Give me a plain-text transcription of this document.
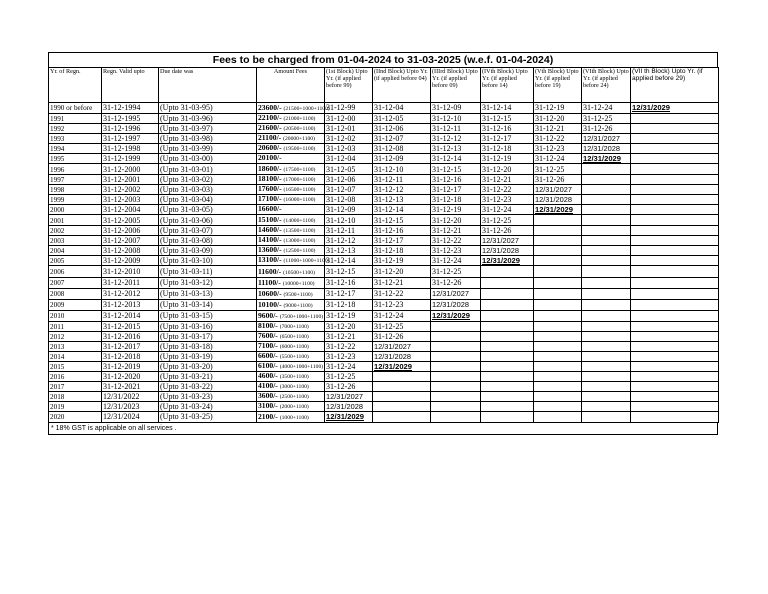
Fees to be charged from 01-04-2024 to 31-03-2025 (w.e.f. 01-04-2024)
Yr. of Regn.	Regn. Valid upto	Due date was	Amount Fees	(1st Block) Upto Yr. (if applied before 99)	(IInd Block) Upto Yr. (if applied before 04)	(IIIrd Block) Upto Yr. (if applied before 09)	(IVth Block) Upto Yr. (if applied before 14)	(Vth Block) Upto Yr. (if applied before 19)	(VIth Block) Upto Yr. (if applied before 24)	(VII th Block) Upto Yr. (if applied before 29)
1990 or before	31-12-1994	(Upto 31-03-95)	23600/- (21500+1000+1100)	31-12-99	31-12-04	31-12-09	31-12-14	31-12-19	31-12-24	12/31/2029
1991	31-12-1995	(Upto 31-03-96)	22100/- (21000+1100)	31-12-00	31-12-05	31-12-10	31-12-15	31-12-20	31-12-25	
1992	31-12-1996	(Upto 31-03-97)	21600/- (20500+1100)	31-12-01	31-12-06	31-12-11	31-12-16	31-12-21	31-12-26	
1993	31-12-1997	(Upto 31-03-98)	21100/- (20000+1100)	31-12-02	31-12-07	31-12-12	31-12-17	31-12-22	12/31/2027	
1994	31-12-1998	(Upto 31-03-99)	20600/- (19500+1100)	31-12-03	31-12-08	31-12-13	31-12-18	31-12-23	12/31/2028	
1995	31-12-1999	(Upto 31-03-00)	20100/-	31-12-04	31-12-09	31-12-14	31-12-19	31-12-24	12/31/2029	
1996	31-12-2000	(Upto 31-03-01)	18600/- (17500+1100)	31-12-05	31-12-10	31-12-15	31-12-20	31-12-25		
1997	31-12-2001	(Upto 31-03-02)	18100/- (17000+1100)	31-12-06	31-12-11	31-12-16	31-12-21	31-12-26		
1998	31-12-2002	(Upto 31-03-03)	17600/- (16500+1100)	31-12-07	31-12-12	31-12-17	31-12-22	12/31/2027		
1999	31-12-2003	(Upto 31-03-04)	17100/- (16000+1100)	31-12-08	31-12-13	31-12-18	31-12-23	12/31/2028		
2000	31-12-2004	(Upto 31-03-05)	16600/-	31-12-09	31-12-14	31-12-19	31-12-24	12/31/2029		
2001	31-12-2005	(Upto 31-03-06)	15100/- (14000+1100)	31-12-10	31-12-15	31-12-20	31-12-25			
2002	31-12-2006	(Upto 31-03-07)	14600/- (13500+1100)	31-12-11	31-12-16	31-12-21	31-12-26			
2003	31-12-2007	(Upto 31-03-08)	14100/- (13000+1100)	31-12-12	31-12-17	31-12-22	12/31/2027			
2004	31-12-2008	(Upto 31-03-09)	13600/- (12500+1100)	31-12-13	31-12-18	31-12-23	12/31/2028			
2005	31-12-2009	(Upto 31-03-10)	13100/- (11000+1000+1100)	31-12-14	31-12-19	31-12-24	12/31/2029			
2006	31-12-2010	(Upto 31-03-11)	11600/- (10500+1100)	31-12-15	31-12-20	31-12-25				
2007	31-12-2011	(Upto 31-03-12)	11100/- (10000+1100)	31-12-16	31-12-21	31-12-26				
2008	31-12-2012	(Upto 31-03-13)	10600/- (9500+1100)	31-12-17	31-12-22	12/31/2027				
2009	31-12-2013	(Upto 31-03-14)	10100/- (9000+1100)	31-12-18	31-12-23	12/31/2028				
2010	31-12-2014	(Upto 31-03-15)	9600/- (7500+1000+1100)	31-12-19	31-12-24	12/31/2029				
2011	31-12-2015	(Upto 31-03-16)	8100/- (7000+1100)	31-12-20	31-12-25					
2012	31-12-2016	(Upto 31-03-17)	7600/- (6500+1100)	31-12-21	31-12-26					
2013	31-12-2017	(Upto 31-03-18)	7100/- (6000+1100)	31-12-22	12/31/2027					
2014	31-12-2018	(Upto 31-03-19)	6600/- (5500+1100)	31-12-23	12/31/2028					
2015	31-12-2019	(Upto 31-03-20)	6100/- (4000+1000+1100)	31-12-24	12/31/2029					
2016	31-12-2020	(Upto 31-03-21)	4600/- (3500+1100)	31-12-25						
2017	31-12-2021	(Upto 31-03-22)	4100/- (3000+1100)	31-12-26						
2018	12/31/2022	(Upto 31-03-23)	3600/- (2500+1100)	12/31/2027						
2019	12/31/2023	(Upto 31-03-24)	3100/- (2000+1100)	12/31/2028						
2020	12/31/2024	(Upto 31-03-25)	2100/- (1000+1100)	12/31/2029						
* 18% GST is applicable on all services .
